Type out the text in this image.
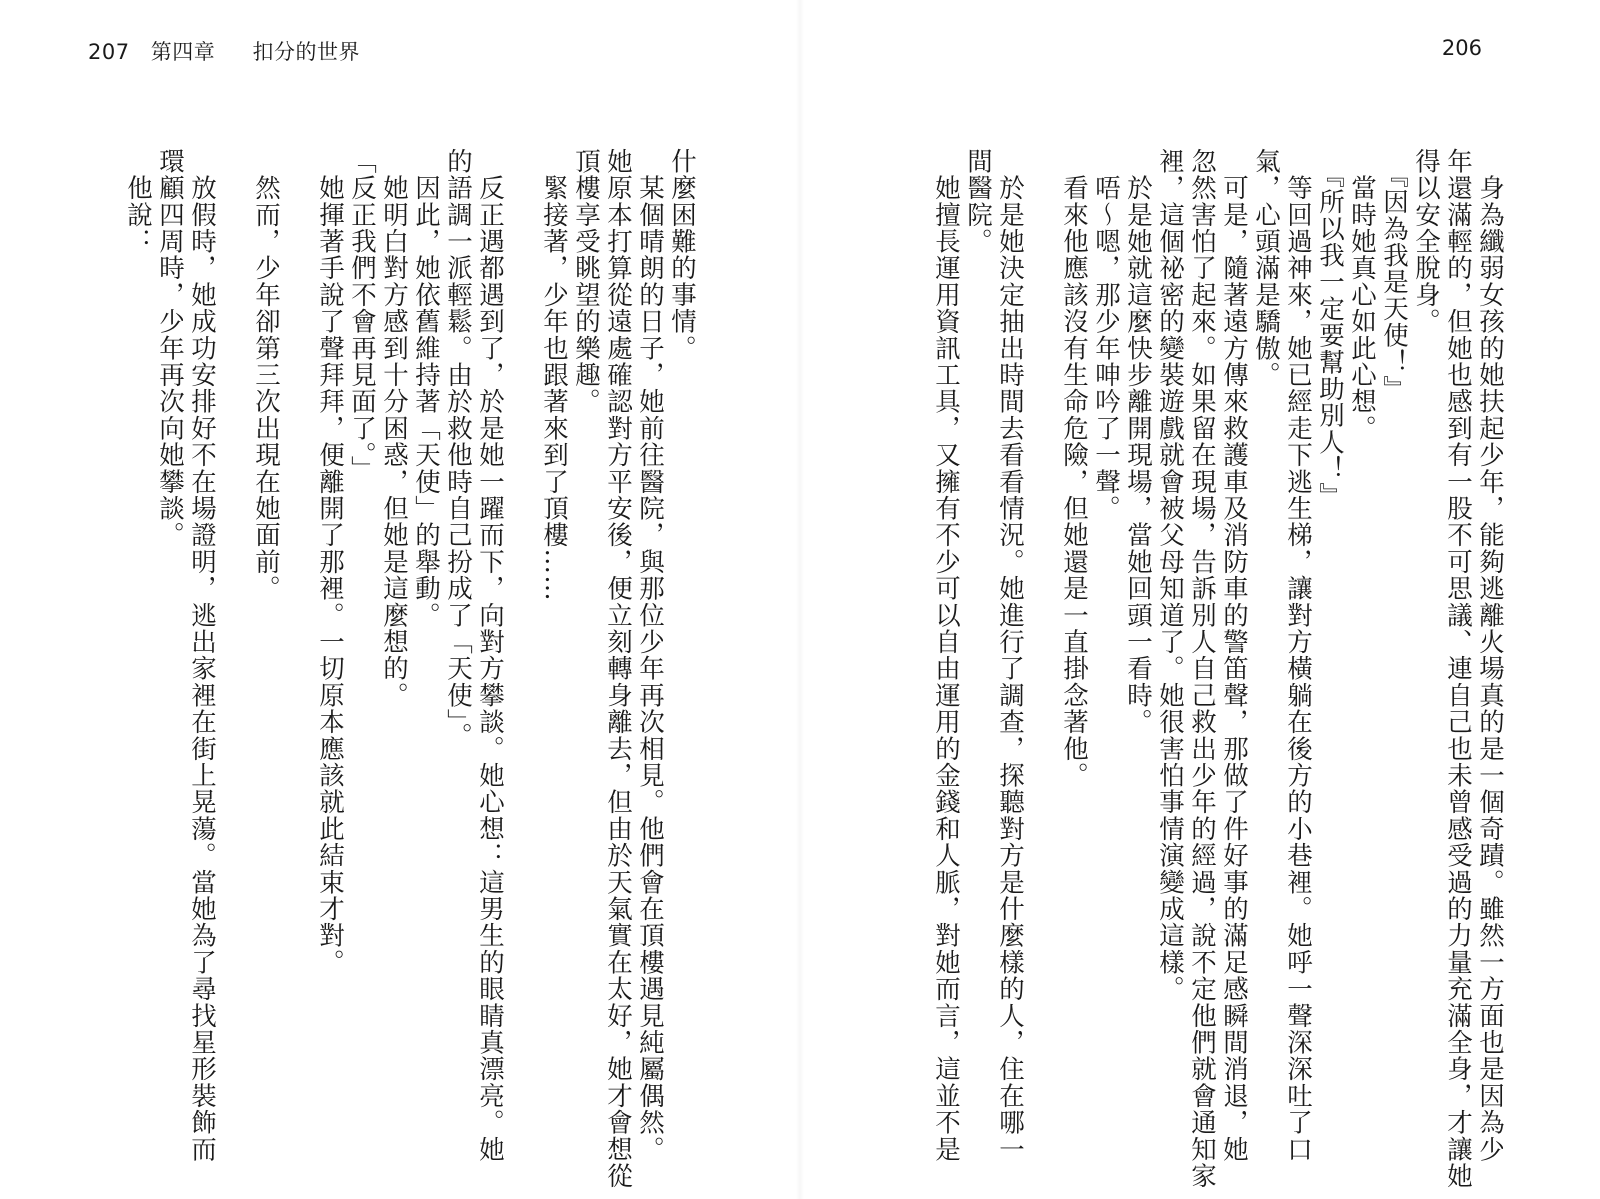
207 第四章 扣分的世界	206

　身為纖弱女孩的她扶起少年，能夠逃離火場真的是一個奇蹟。雖然一方面也是因為少

年還滿輕的，但她也感到有一股不可思議、連自己也未曾感受過的力量充滿全身，才讓她

得以安全脫身。

　『因為我是天使！』

　當時她真心如此心想。

　『所以我一定要幫助別人！』

　等回過神來，她已經走下逃生梯，讓對方橫躺在後方的小巷裡。她呼一聲深深吐了口

氣，心頭滿是驕傲。

　可是，隨著遠方傳來救護車及消防車的警笛聲，那做了件好事的滿足感瞬間消退，她

忽然害怕了起來。如果留在現場，告訴別人自己救出少年的經過，說不定他們就會通知家

裡，這個祕密的變裝遊戲就會被父母知道了。她很害怕事情演變成這樣。

　於是她就這麼快步離開現場，當她回頭一看時。

　唔～嗯，那少年呻吟了一聲。

　看來他應該沒有生命危險，但她還是一直掛念著他。

　於是她決定抽出時間去看看情況。她進行了調查，探聽對方是什麼樣的人，住在哪一

間醫院。

　她擅長運用資訊工具，又擁有不少可以自由運用的金錢和人脈，對她而言，這並不是

什麼困難的事情。

　某個晴朗的日子，她前往醫院，與那位少年再次相見。他們會在頂樓遇見純屬偶然。

她原本打算從遠處確認對方平安後，便立刻轉身離去，但由於天氣實在太好，她才會想從

頂樓享受眺望的樂趣。

　緊接著，少年也跟著來到了頂樓……

　反正遇都遇到了，於是她一躍而下，向對方攀談。她心想：這男生的眼睛真漂亮。她

的語調一派輕鬆。由於救他時自己扮成了「天使」。

　因此，她依舊維持著「天使」的舉動。

　她明白對方感到十分困惑，但她是這麼想的。

「反正我們不會再見面了。」

　她揮著手說了聲拜拜，便離開了那裡。一切原本應該就此結束才對。

　然而，少年卻第三次出現在她面前。

　放假時，她成功安排好不在場證明，逃出家裡在街上晃蕩。當她為了尋找星形裝飾而

環顧四周時，少年再次向她攀談。

　他說：
